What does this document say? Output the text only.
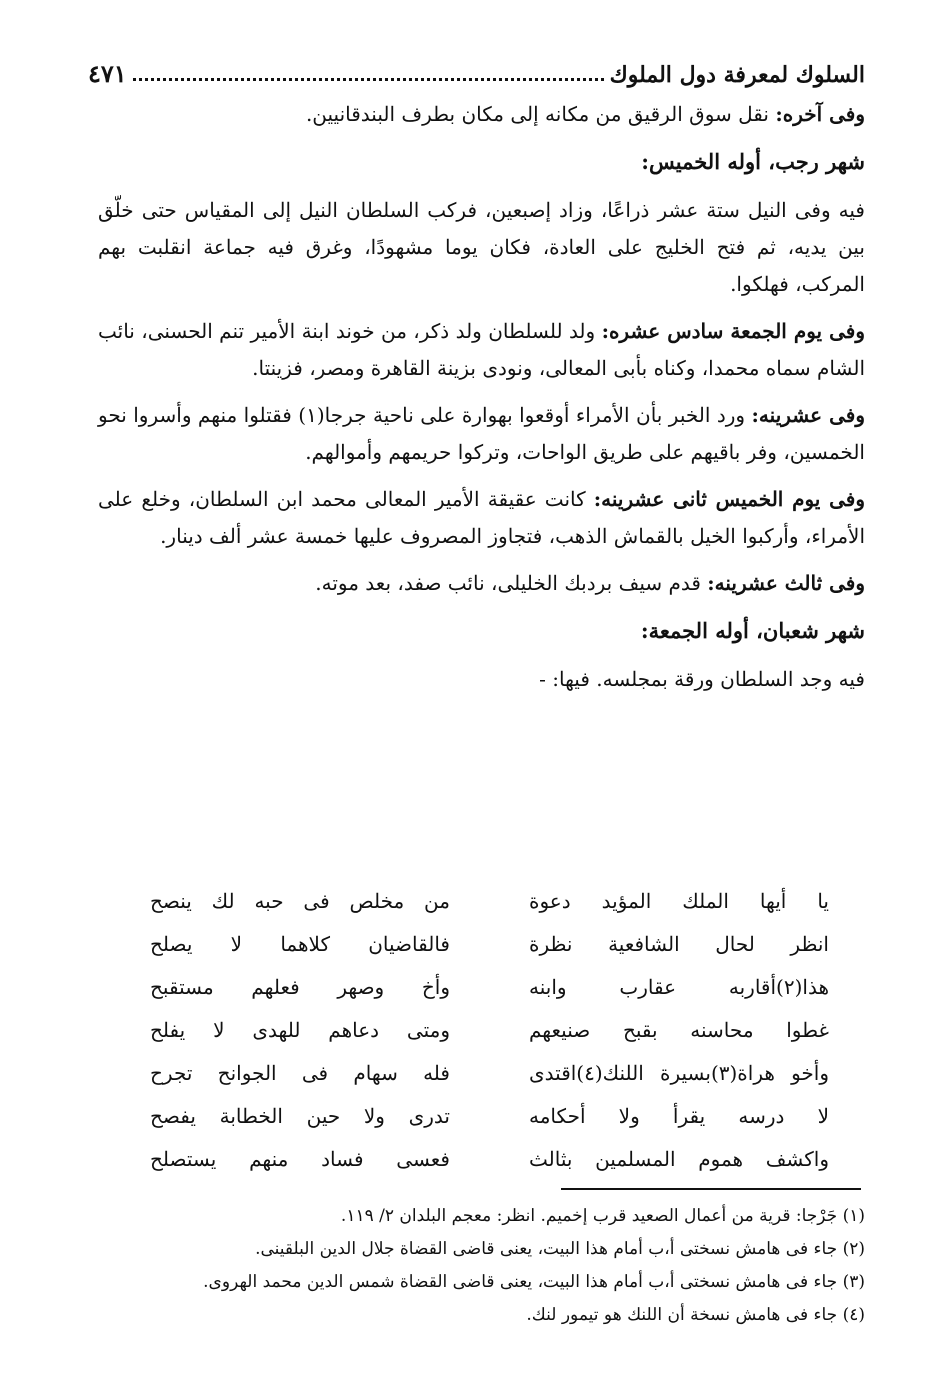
السلوك لمعرفة دول الملوك
٤٧١

وفى آخره: نقل سوق الرقيق من مكانه إلى مكان بطرف البندقانيين.

شهر رجب، أوله الخميس:

فيه وفى النيل ستة عشر ذراعًا، وزاد إصبعين، فركب السلطان النيل إلى المقياس حتى خلّق بين يديه، ثم فتح الخليج على العادة، فكان يوما مشهودًا، وغرق فيه جماعة انقلبت بهم المركب، فهلكوا.

وفى يوم الجمعة سادس عشره: ولد للسلطان ولد ذكر، من خوند ابنة الأمير تنم الحسنى، نائب الشام سماه محمدا، وكناه بأبى المعالى، ونودى بزينة القاهرة ومصر، فزينتا.

وفى عشرينه: ورد الخبر بأن الأمراء أوقعوا بهوارة على ناحية جرجا(١) فقتلوا منهم وأسروا نحو الخمسين، وفر باقيهم على طريق الواحات، وتركوا حريمهم وأموالهم.

وفى يوم الخميس ثانى عشرينه: كانت عقيقة الأمير المعالى محمد ابن السلطان، وخلع على الأمراء، وأركبوا الخيل بالقماش الذهب، فتجاوز المصروف عليها خمسة عشر ألف دينار.

وفى ثالث عشرينه: قدم سيف بردبك الخليلى، نائب صفد، بعد موته.

شهر شعبان، أوله الجمعة:

فيه وجد السلطان ورقة بمجلسه. فيها: -

يا أيها الملك المؤيد دعوة
من مخلص فى حبه لك ينصح
انظر لحال الشافعية نظرة
فالقاضيان كلاهما لا يصلح
هذا(٢)أقاربه عقارب وابنه
وأخ وصهر فعلهم مستقبح
غطوا محاسنه بقبح صنيعهم
ومتى دعاهم للهدى لا يفلح
وأخو هراة(٣)بسيرة اللنك(٤)اقتدى
فله سهام فى الجوانح تجرح
لا درسه يقرأ ولا أحكامه
تدرى ولا حين الخطابة يفصح
واكشف هموم المسلمين بثالث
فعسى فساد منهم يستصلح
(١) جَرْجا: قرية من أعمال الصعيد قرب إخميم. انظر: معجم البلدان ٢/ ١١٩.
(٢) جاء فى هامش نسختى أ،ب أمام هذا البيت، يعنى قاضى القضاة جلال الدين البلقينى.
(٣) جاء فى هامش نسختى أ،ب أمام هذا البيت، يعنى قاضى القضاة شمس الدين محمد الهروى.
(٤) جاء فى هامش نسخة أن اللنك هو تيمور لنك.
